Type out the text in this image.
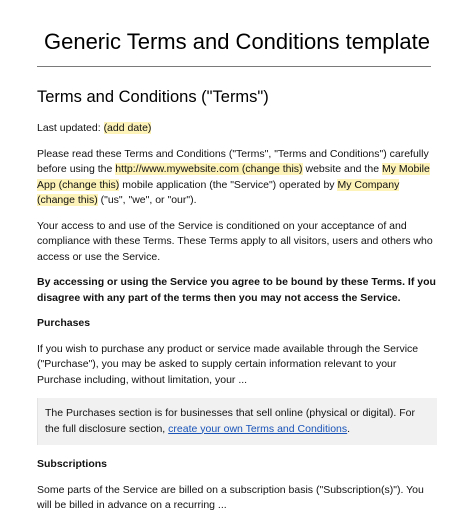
Generic Terms and Conditions template
Terms and Conditions ("Terms")
Last updated: (add date)
Please read these Terms and Conditions ("Terms", "Terms and Conditions") carefully before using the http://www.mywebsite.com (change this) website and the My Mobile App (change this) mobile application (the "Service") operated by My Company (change this) ("us", "we", or "our").
Your access to and use of the Service is conditioned on your acceptance of and compliance with these Terms. These Terms apply to all visitors, users and others who access or use the Service.
By accessing or using the Service you agree to be bound by these Terms. If you disagree with any part of the terms then you may not access the Service.
Purchases
If you wish to purchase any product or service made available through the Service ("Purchase"), you may be asked to supply certain information relevant to your Purchase including, without limitation, your ...
The Purchases section is for businesses that sell online (physical or digital). For the full disclosure section, create your own Terms and Conditions.
Subscriptions
Some parts of the Service are billed on a subscription basis ("Subscription(s)"). You will be billed in advance on a recurring ...
